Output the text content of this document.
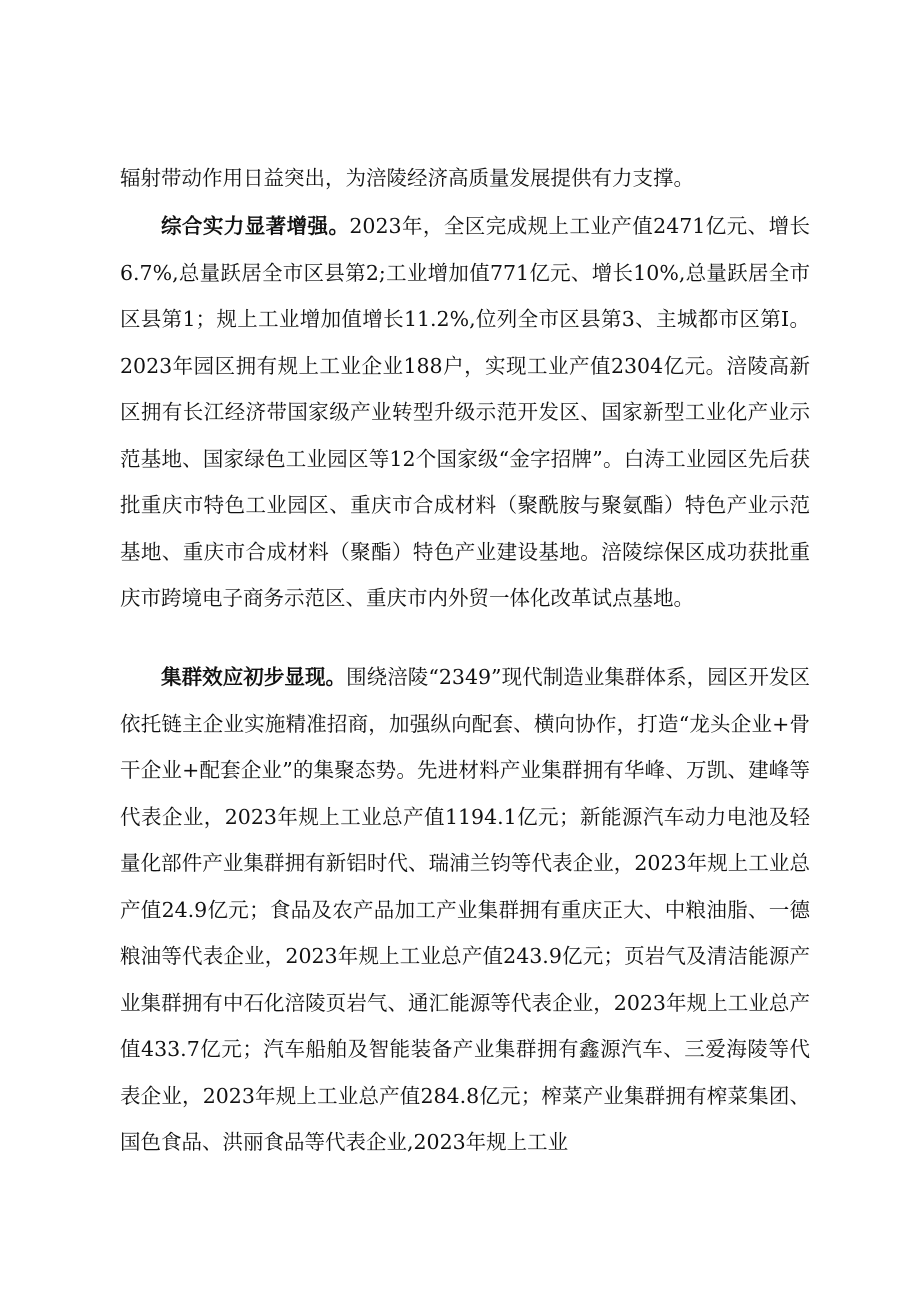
辐射带动作用日益突出，为涪陵经济高质量发展提供有力支撑。

综合实力显著增强。2023年，全区完成规上工业产值2471亿元、增长6.7%,总量跃居全市区县第2;工业增加值771亿元、增长10%,总量跃居全市区县第1；规上工业增加值增长11.2%,位列全市区县第3、主城都市区第I。2023年园区拥有规上工业企业188户，实现工业产值2304亿元。涪陵高新区拥有长江经济带国家级产业转型升级示范开发区、国家新型工业化产业示范基地、国家绿色工业园区等12个国家级“金字招牌”。白涛工业园区先后获批重庆市特色工业园区、重庆市合成材料（聚酰胺与聚氨酯）特色产业示范基地、重庆市合成材料（聚酯）特色产业建设基地。涪陵综保区成功获批重庆市跨境电子商务示范区、重庆市内外贸一体化改革试点基地。

集群效应初步显现。围绕涪陵“2349”现代制造业集群体系，园区开发区依托链主企业实施精准招商，加强纵向配套、横向协作，打造“龙头企业+骨干企业+配套企业”的集聚态势。先进材料产业集群拥有华峰、万凯、建峰等代表企业，2023年规上工业总产值1194.1亿元；新能源汽车动力电池及轻量化部件产业集群拥有新铝时代、瑞浦兰钧等代表企业，2023年规上工业总产值24.9亿元；食品及农产品加工产业集群拥有重庆正大、中粮油脂、一德粮油等代表企业，2023年规上工业总产值243.9亿元；页岩气及清洁能源产业集群拥有中石化涪陵页岩气、通汇能源等代表企业，2023年规上工业总产值433.7亿元；汽车船舶及智能装备产业集群拥有鑫源汽车、三爱海陵等代表企业，2023年规上工业总产值284.8亿元；榨菜产业集群拥有榨菜集团、国色食品、洪丽食品等代表企业,2023年规上工业
